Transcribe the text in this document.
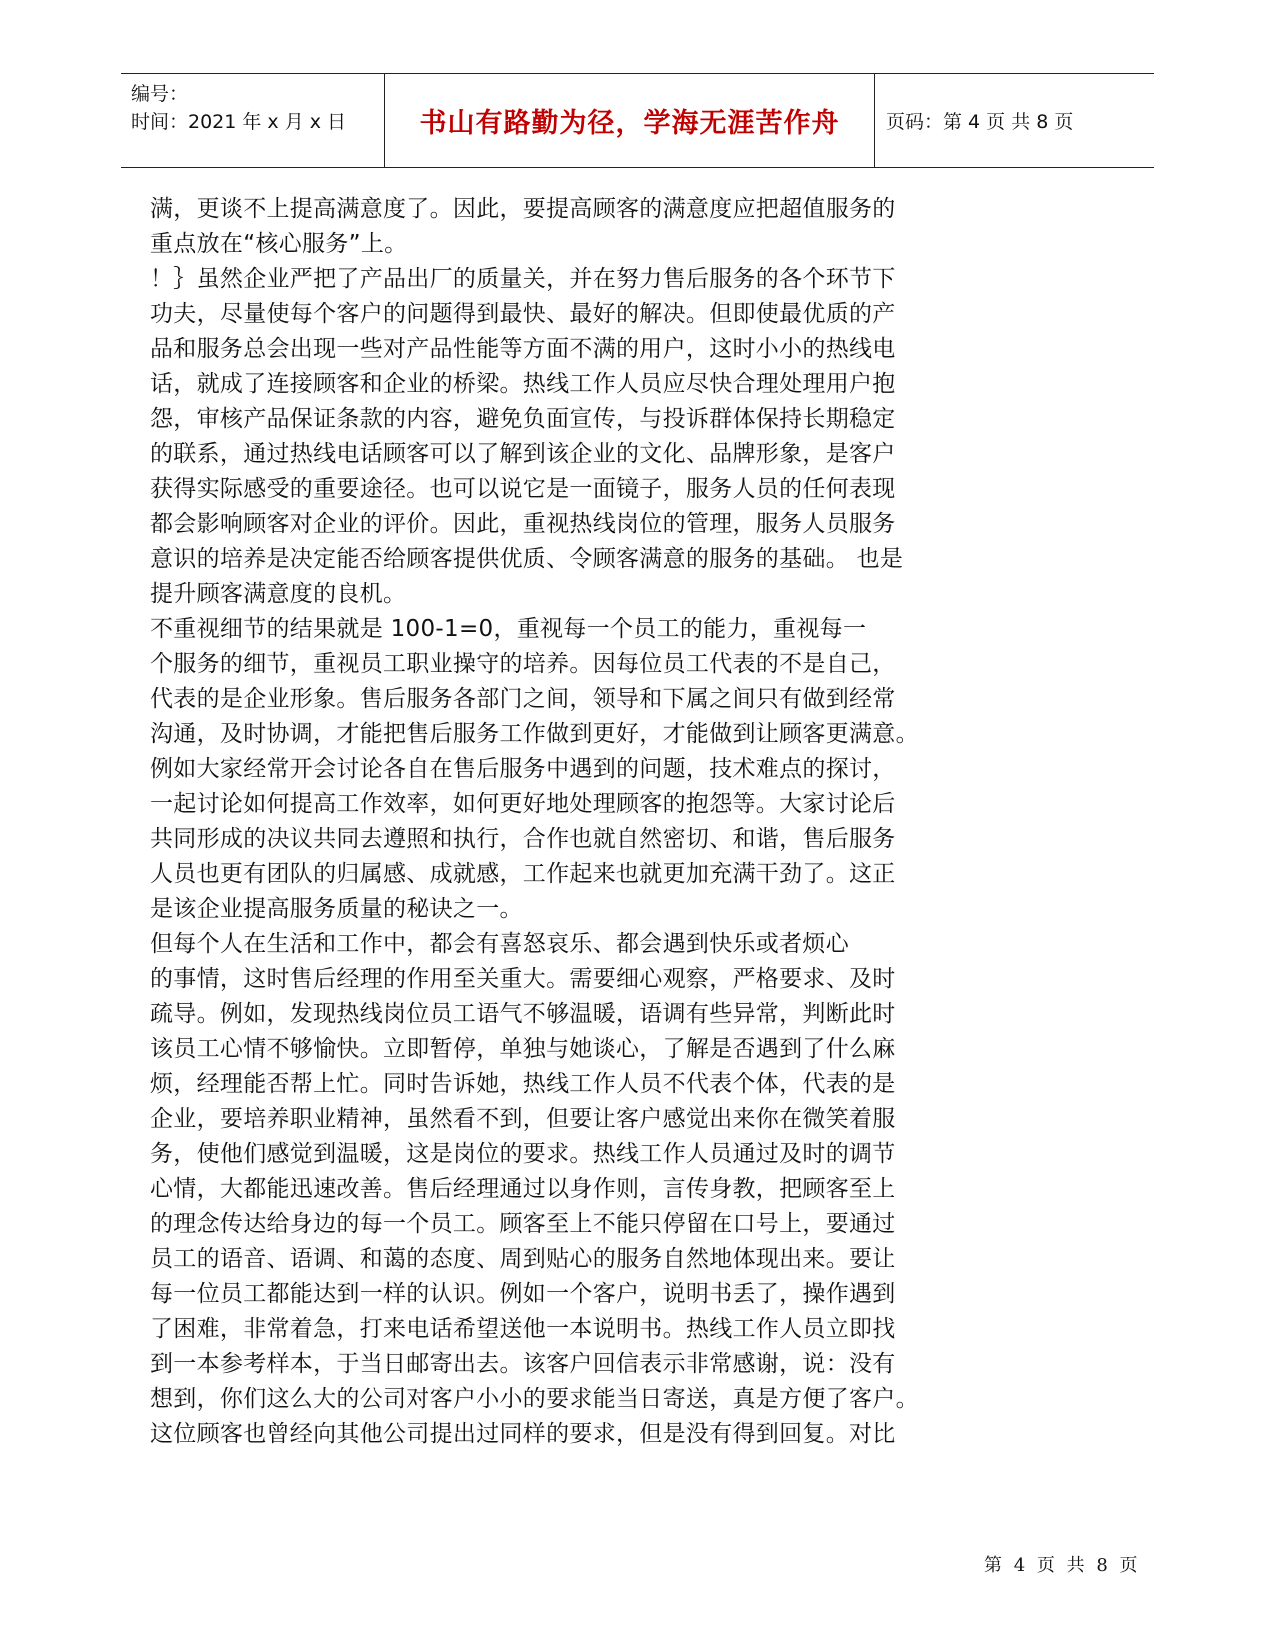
编号：
时间：2021 年 x 月 x 日	书山有路勤为径，学海无涯苦作舟	页码：第 4 页 共 8 页
满，更谈不上提高满意度了。因此，要提高顾客的满意度应把超值服务的
重点放在“核心服务”上。
！｝虽然企业严把了产品出厂的质量关，并在努力售后服务的各个环节下
功夫，尽量使每个客户的问题得到最快、最好的解决。但即使最优质的产
品和服务总会出现一些对产品性能等方面不满的用户，这时小小的热线电
话，就成了连接顾客和企业的桥梁。热线工作人员应尽快合理处理用户抱
怨，审核产品保证条款的内容，避免负面宣传，与投诉群体保持长期稳定
的联系，通过热线电话顾客可以了解到该企业的文化、品牌形象，是客户
获得实际感受的重要途径。也可以说它是一面镜子，服务人员的任何表现
都会影响顾客对企业的评价。因此，重视热线岗位的管理，服务人员服务
意识的培养是决定能否给顾客提供优质、令顾客满意的服务的基础。 也是
提升顾客满意度的良机。
不重视细节的结果就是 100-1=0，重视每一个员工的能力，重视每一
个服务的细节，重视员工职业操守的培养。因每位员工代表的不是自己，
代表的是企业形象。售后服务各部门之间，领导和下属之间只有做到经常
沟通，及时协调，才能把售后服务工作做到更好，才能做到让顾客更满意。
例如大家经常开会讨论各自在售后服务中遇到的问题，技术难点的探讨，
一起讨论如何提高工作效率，如何更好地处理顾客的抱怨等。大家讨论后
共同形成的决议共同去遵照和执行，合作也就自然密切、和谐，售后服务
人员也更有团队的归属感、成就感，工作起来也就更加充满干劲了。这正
是该企业提高服务质量的秘诀之一。
但每个人在生活和工作中，都会有喜怒哀乐、都会遇到快乐或者烦心
的事情，这时售后经理的作用至关重大。需要细心观察，严格要求、及时
疏导。例如，发现热线岗位员工语气不够温暖，语调有些异常，判断此时
该员工心情不够愉快。立即暂停，单独与她谈心，了解是否遇到了什么麻
烦，经理能否帮上忙。同时告诉她，热线工作人员不代表个体，代表的是
企业，要培养职业精神，虽然看不到，但要让客户感觉出来你在微笑着服
务，使他们感觉到温暖，这是岗位的要求。热线工作人员通过及时的调节
心情，大都能迅速改善。售后经理通过以身作则，言传身教，把顾客至上
的理念传达给身边的每一个员工。顾客至上不能只停留在口号上，要通过
员工的语音、语调、和蔼的态度、周到贴心的服务自然地体现出来。要让
每一位员工都能达到一样的认识。例如一个客户，说明书丢了，操作遇到
了困难，非常着急，打来电话希望送他一本说明书。热线工作人员立即找
到一本参考样本，于当日邮寄出去。该客户回信表示非常感谢，说：没有
想到，你们这么大的公司对客户小小的要求能当日寄送，真是方便了客户。
这位顾客也曾经向其他公司提出过同样的要求，但是没有得到回复。对比
第 4 页 共 8 页
